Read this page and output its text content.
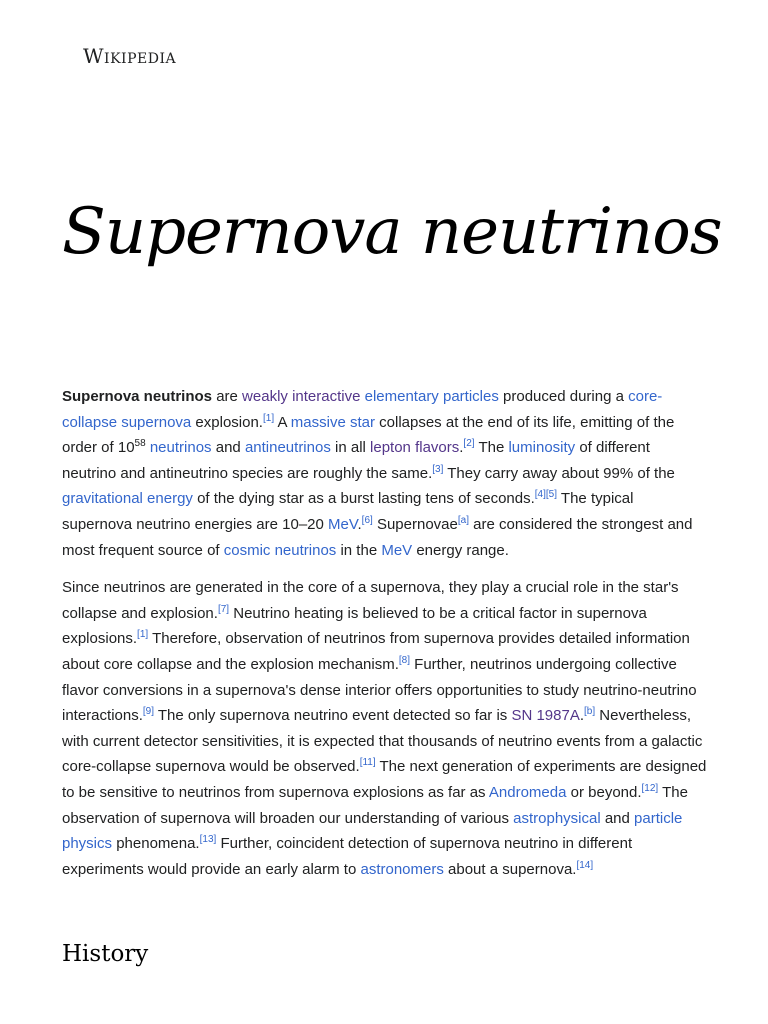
Wikipedia
Supernova neutrinos

Supernova neutrinos are weakly interactive elementary particles produced during a core-collapse supernova explosion.[1] A massive star collapses at the end of its life, emitting of the order of $10^{58}$ neutrinos and antineutrinos in all lepton flavors.[2] The luminosity of different neutrino and antineutrino species are roughly the same.[3] They carry away about 99% of the gravitational energy of the dying star as a burst lasting tens of seconds.[4][5] The typical supernova neutrino energies are 10–20 MeV.[6] Supernovae[a] are considered the strongest and most frequent source of cosmic neutrinos in the MeV energy range.

Since neutrinos are generated in the core of a supernova, they play a crucial role in the star's collapse and explosion.[7] Neutrino heating is believed to be a critical factor in supernova explosions.[1] Therefore, observation of neutrinos from supernova provides detailed information about core collapse and the explosion mechanism.[8] Further, neutrinos undergoing collective flavor conversions in a supernova's dense interior offers opportunities to study neutrino-neutrino interactions.[9] The only supernova neutrino event detected so far is SN 1987A.[b] Nevertheless, with current detector sensitivities, it is expected that thousands of neutrino events from a galactic core-collapse supernova would be observed.[11] The next generation of experiments are designed to be sensitive to neutrinos from supernova explosions as far as Andromeda or beyond.[12] The observation of supernova will broaden our understanding of various astrophysical and particle physics phenomena.[13] Further, coincident detection of supernova neutrino in different experiments would provide an early alarm to astronomers about a supernova.[14]

History
